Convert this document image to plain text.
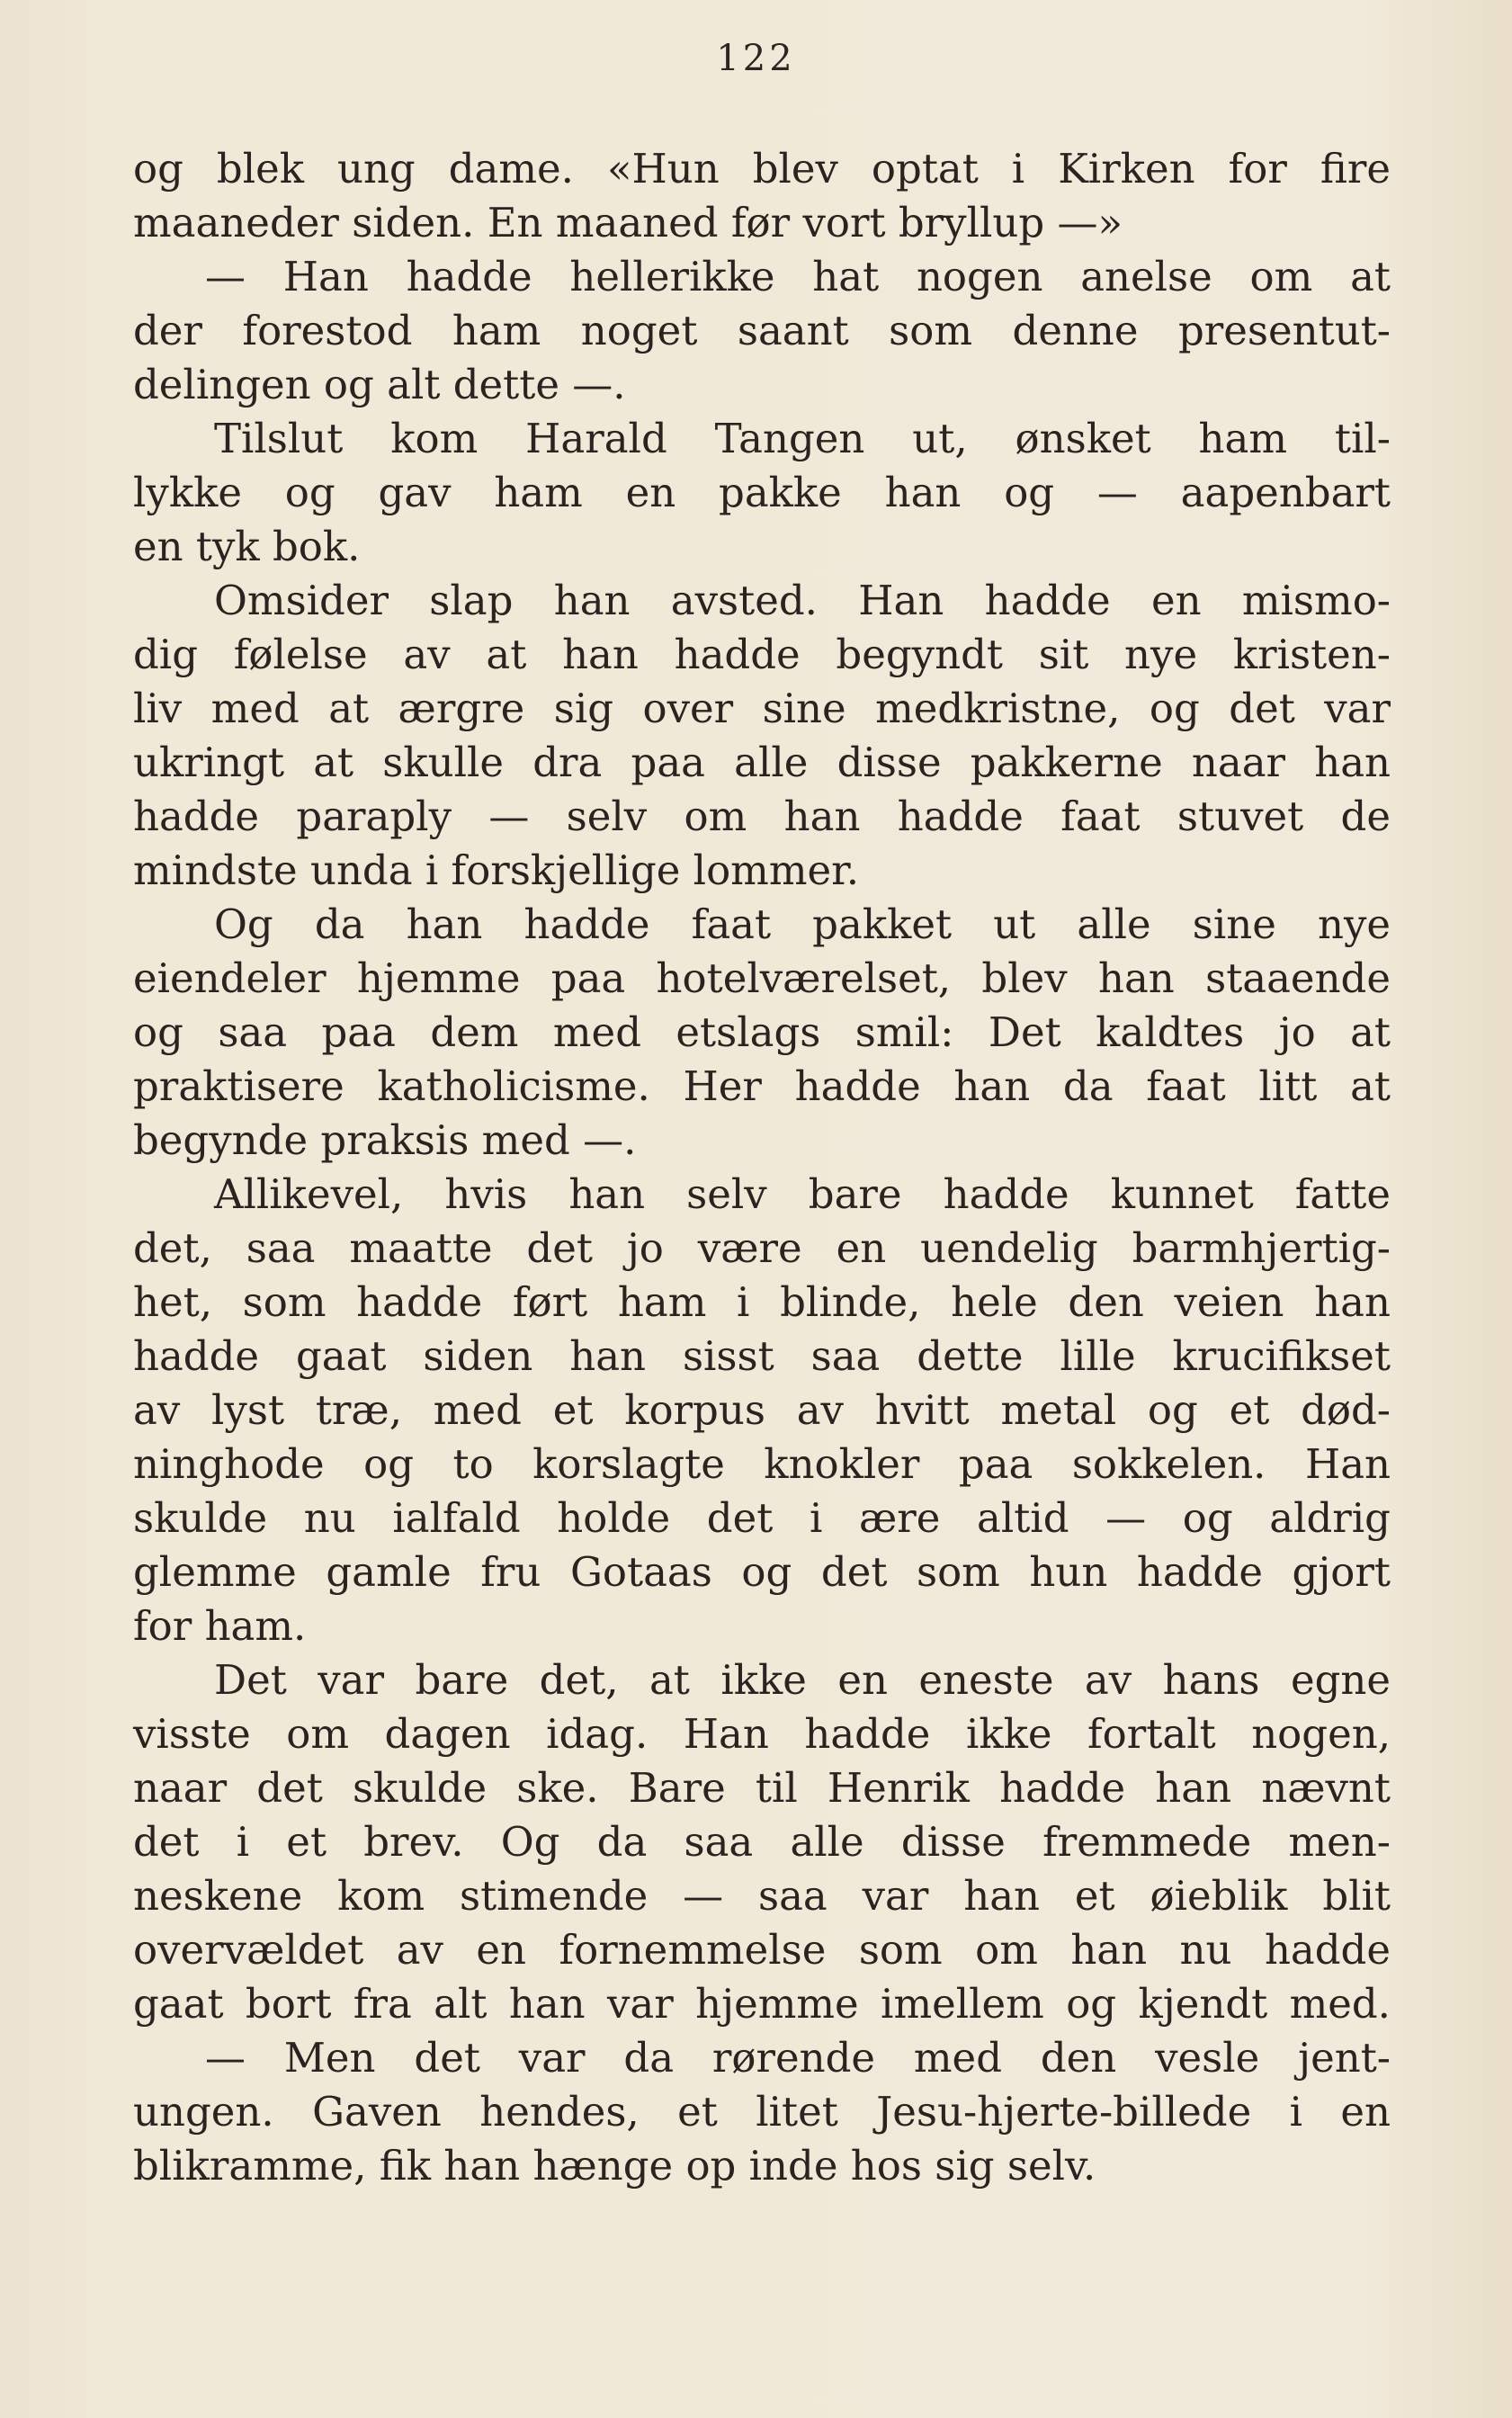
122
og blek ung dame. «Hun blev optat i Kirken for fire
maaneder siden. En maaned før vort bryllup —»
— Han hadde hellerikke hat nogen anelse om at
der forestod ham noget saant som denne presentut-
delingen og alt dette —.
Tilslut kom Harald Tangen ut, ønsket ham til-
lykke og gav ham en pakke han og — aapenbart
en tyk bok.
Omsider slap han avsted. Han hadde en mismo-
dig følelse av at han hadde begyndt sit nye kristen-
liv med at ærgre sig over sine medkristne, og det var
ukringt at skulle dra paa alle disse pakkerne naar han
hadde paraply — selv om han hadde faat stuvet de
mindste unda i forskjellige lommer.
Og da han hadde faat pakket ut alle sine nye
eiendeler hjemme paa hotelværelset, blev han staaende
og saa paa dem med etslags smil: Det kaldtes jo at
praktisere katholicisme. Her hadde han da faat litt at
begynde praksis med —.
Allikevel, hvis han selv bare hadde kunnet fatte
det, saa maatte det jo være en uendelig barmhjertig-
het, som hadde ført ham i blinde, hele den veien han
hadde gaat siden han sisst saa dette lille krucifikset
av lyst træ, med et korpus av hvitt metal og et død-
ninghode og to korslagte knokler paa sokkelen. Han
skulde nu ialfald holde det i ære altid — og aldrig
glemme gamle fru Gotaas og det som hun hadde gjort
for ham.
Det var bare det, at ikke en eneste av hans egne
visste om dagen idag. Han hadde ikke fortalt nogen,
naar det skulde ske. Bare til Henrik hadde han nævnt
det i et brev. Og da saa alle disse fremmede men-
neskene kom stimende — saa var han et øieblik blit
overvældet av en fornemmelse som om han nu hadde
gaat bort fra alt han var hjemme imellem og kjendt med.
— Men det var da rørende med den vesle jent-
ungen. Gaven hendes, et litet Jesu-hjerte-billede i en
blikramme, fik han hænge op inde hos sig selv.
